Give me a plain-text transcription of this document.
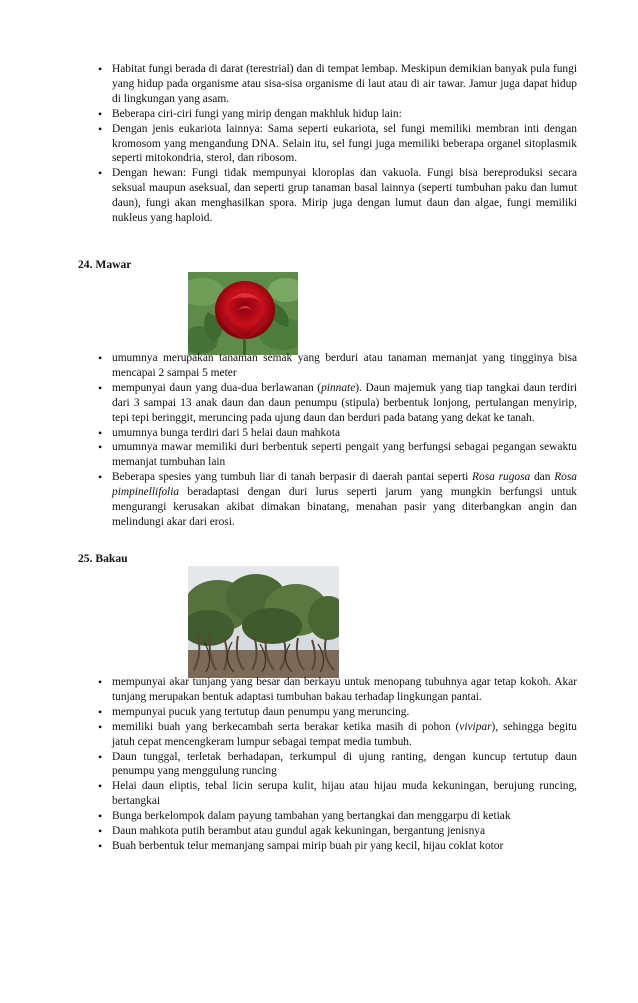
• Habitat fungi berada di darat (terestrial) dan di tempat lembap. Meskipun demikian banyak pula fungi yang hidup pada organisme atau sisa-sisa organisme di laut atau di air tawar. Jamur juga dapat hidup di lingkungan yang asam.
• Beberapa ciri-ciri fungi yang mirip dengan makhluk hidup lain:
• Dengan jenis eukariota lainnya: Sama seperti eukariota, sel fungi memiliki membran inti dengan kromosom yang mengandung DNA. Selain itu, sel fungi juga memiliki beberapa organel sitoplasmik seperti mitokondria, sterol, dan ribosom.
• Dengan hewan: Fungi tidak mempunyai kloroplas dan vakuola. Fungi bisa bereproduksi secara seksual maupun aseksual, dan seperti grup tanaman basal lainnya (seperti tumbuhan paku dan lumut daun), fungi akan menghasilkan spora. Mirip juga dengan lumut daun dan algae, fungi memiliki nukleus yang haploid.
24. Mawar
• umumnya merupakan tanaman semak yang berduri atau tanaman memanjat yang tingginya bisa mencapai 2 sampai 5 meter
• mempunyai daun yang dua-dua berlawanan (pinnate). Daun majemuk yang tiap tangkai daun terdiri dari 3 sampai 13 anak daun dan daun penumpu (stipula) berbentuk lonjong, pertulangan menyirip, tepi tepi beringgit, meruncing pada ujung daun dan berduri pada batang yang dekat ke tanah.
• umumnya bunga terdiri dari 5 helai daun mahkota
• umumnya mawar memiliki duri berbentuk seperti pengait yang berfungsi sebagai pegangan sewaktu memanjat tumbuhan lain
• Beberapa spesies yang tumbuh liar di tanah berpasir di daerah pantai seperti Rosa rugosa dan Rosa pimpinellifolia beradaptasi dengan duri lurus seperti jarum yang mungkin berfungsi untuk mengurangi kerusakan akibat dimakan binatang, menahan pasir yang diterbangkan angin dan melindungi akar dari erosi.
25. Bakau
• mempunyai akar tunjang yang besar dan berkayu untuk menopang tubuhnya agar tetap kokoh. Akar tunjang merupakan bentuk adaptasi tumbuhan bakau terhadap lingkungan pantai.
• mempunyai pucuk yang tertutup daun penumpu yang meruncing.
• memiliki buah yang berkecambah serta berakar ketika masih di pohon (vivipar), sehingga begitu jatuh cepat mencengkeram lumpur sebagai tempat media tumbuh.
• Daun tunggal, terletak berhadapan, terkumpul di ujung ranting, dengan kuncup tertutup daun penumpu yang menggulung runcing
• Helai daun eliptis, tebal licin serupa kulit, hijau atau hijau muda kekuningan, berujung runcing, bertangkai
• Bunga berkelompok dalam payung tambahan yang bertangkai dan menggarpu di ketiak
• Daun mahkota putih berambut atau gundul agak kekuningan, bergantung jenisnya
• Buah berbentuk telur memanjang sampai mirip buah pir yang kecil, hijau coklat kotor
